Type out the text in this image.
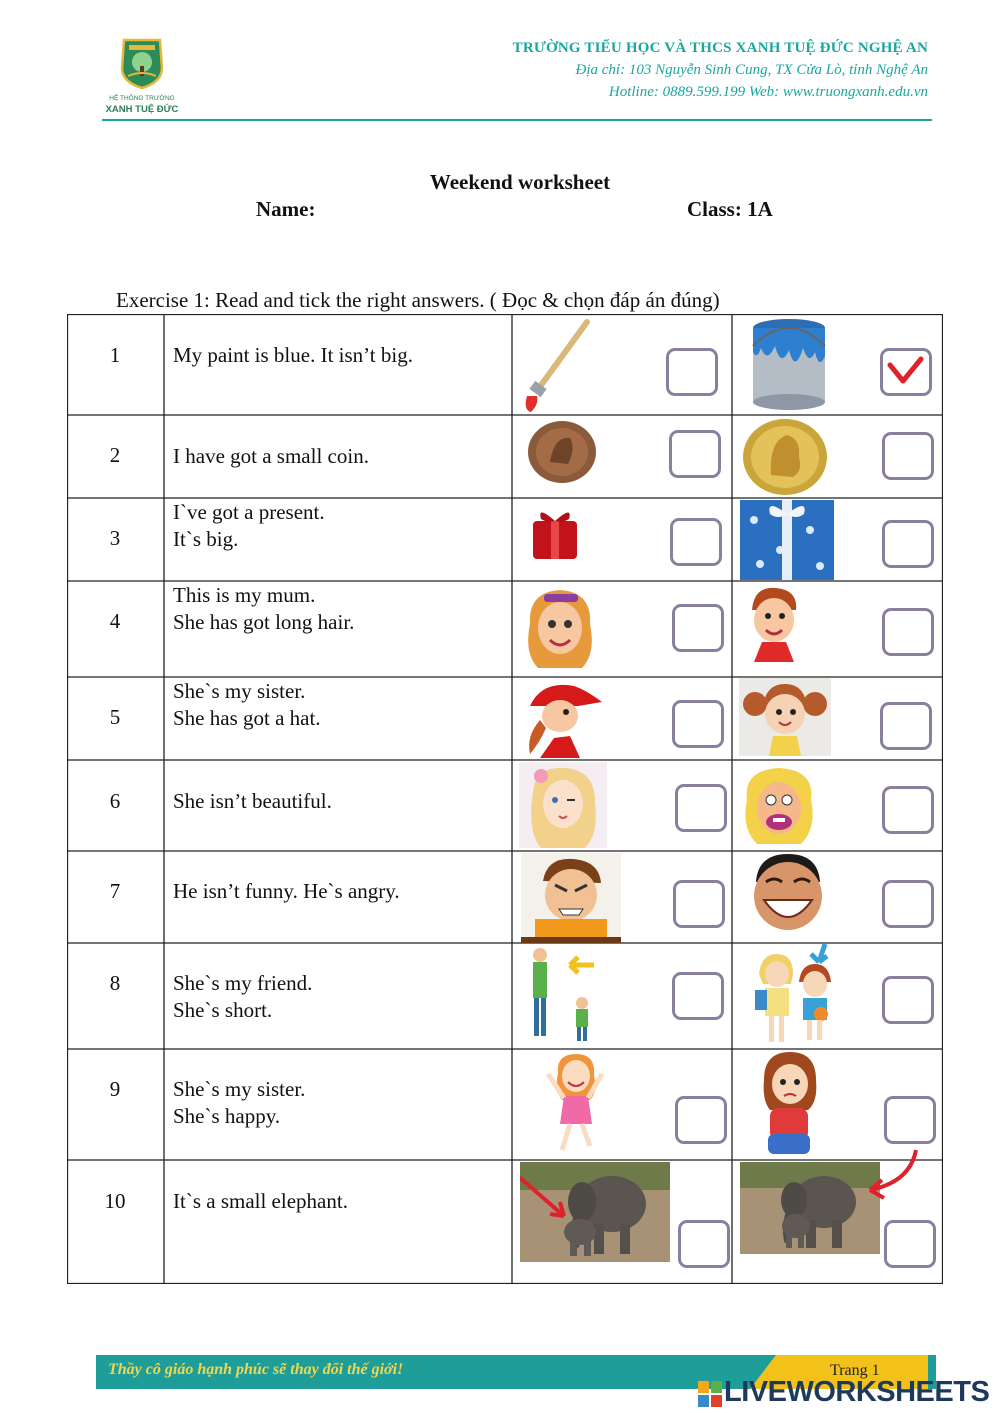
HỆ THỐNG TRƯỜNG
XANH TUỆ ĐỨC
TRƯỜNG TIỂU HỌC VÀ THCS XANH TUỆ ĐỨC NGHỆ AN
Địa chỉ: 103 Nguyễn Sinh Cung, TX Cửa Lò, tỉnh Nghệ An
Hotline: 0889.599.199 Web: www.truongxanh.edu.vn
Weekend worksheet
Name:	Class: 1A
Exercise 1: Read and tick the right answers. ( Đọc & chọn đáp án đúng)
1
2
3
4
5
6
7
8
9
10
My paint is blue. It isn’t big.
I have got a small coin.
I`ve got a present.
It`s big.
This is my mum.
She has got long hair.
She`s my sister.
She has got a hat.
She isn’t beautiful.
He isn’t funny. He`s angry.
She`s my friend.
She`s short.
She`s my sister.
She`s happy.
It`s a small elephant.
Thầy cô giáo hạnh phúc sẽ thay đổi thế giới!	Trang 1
LIVEWORKSHEETS
